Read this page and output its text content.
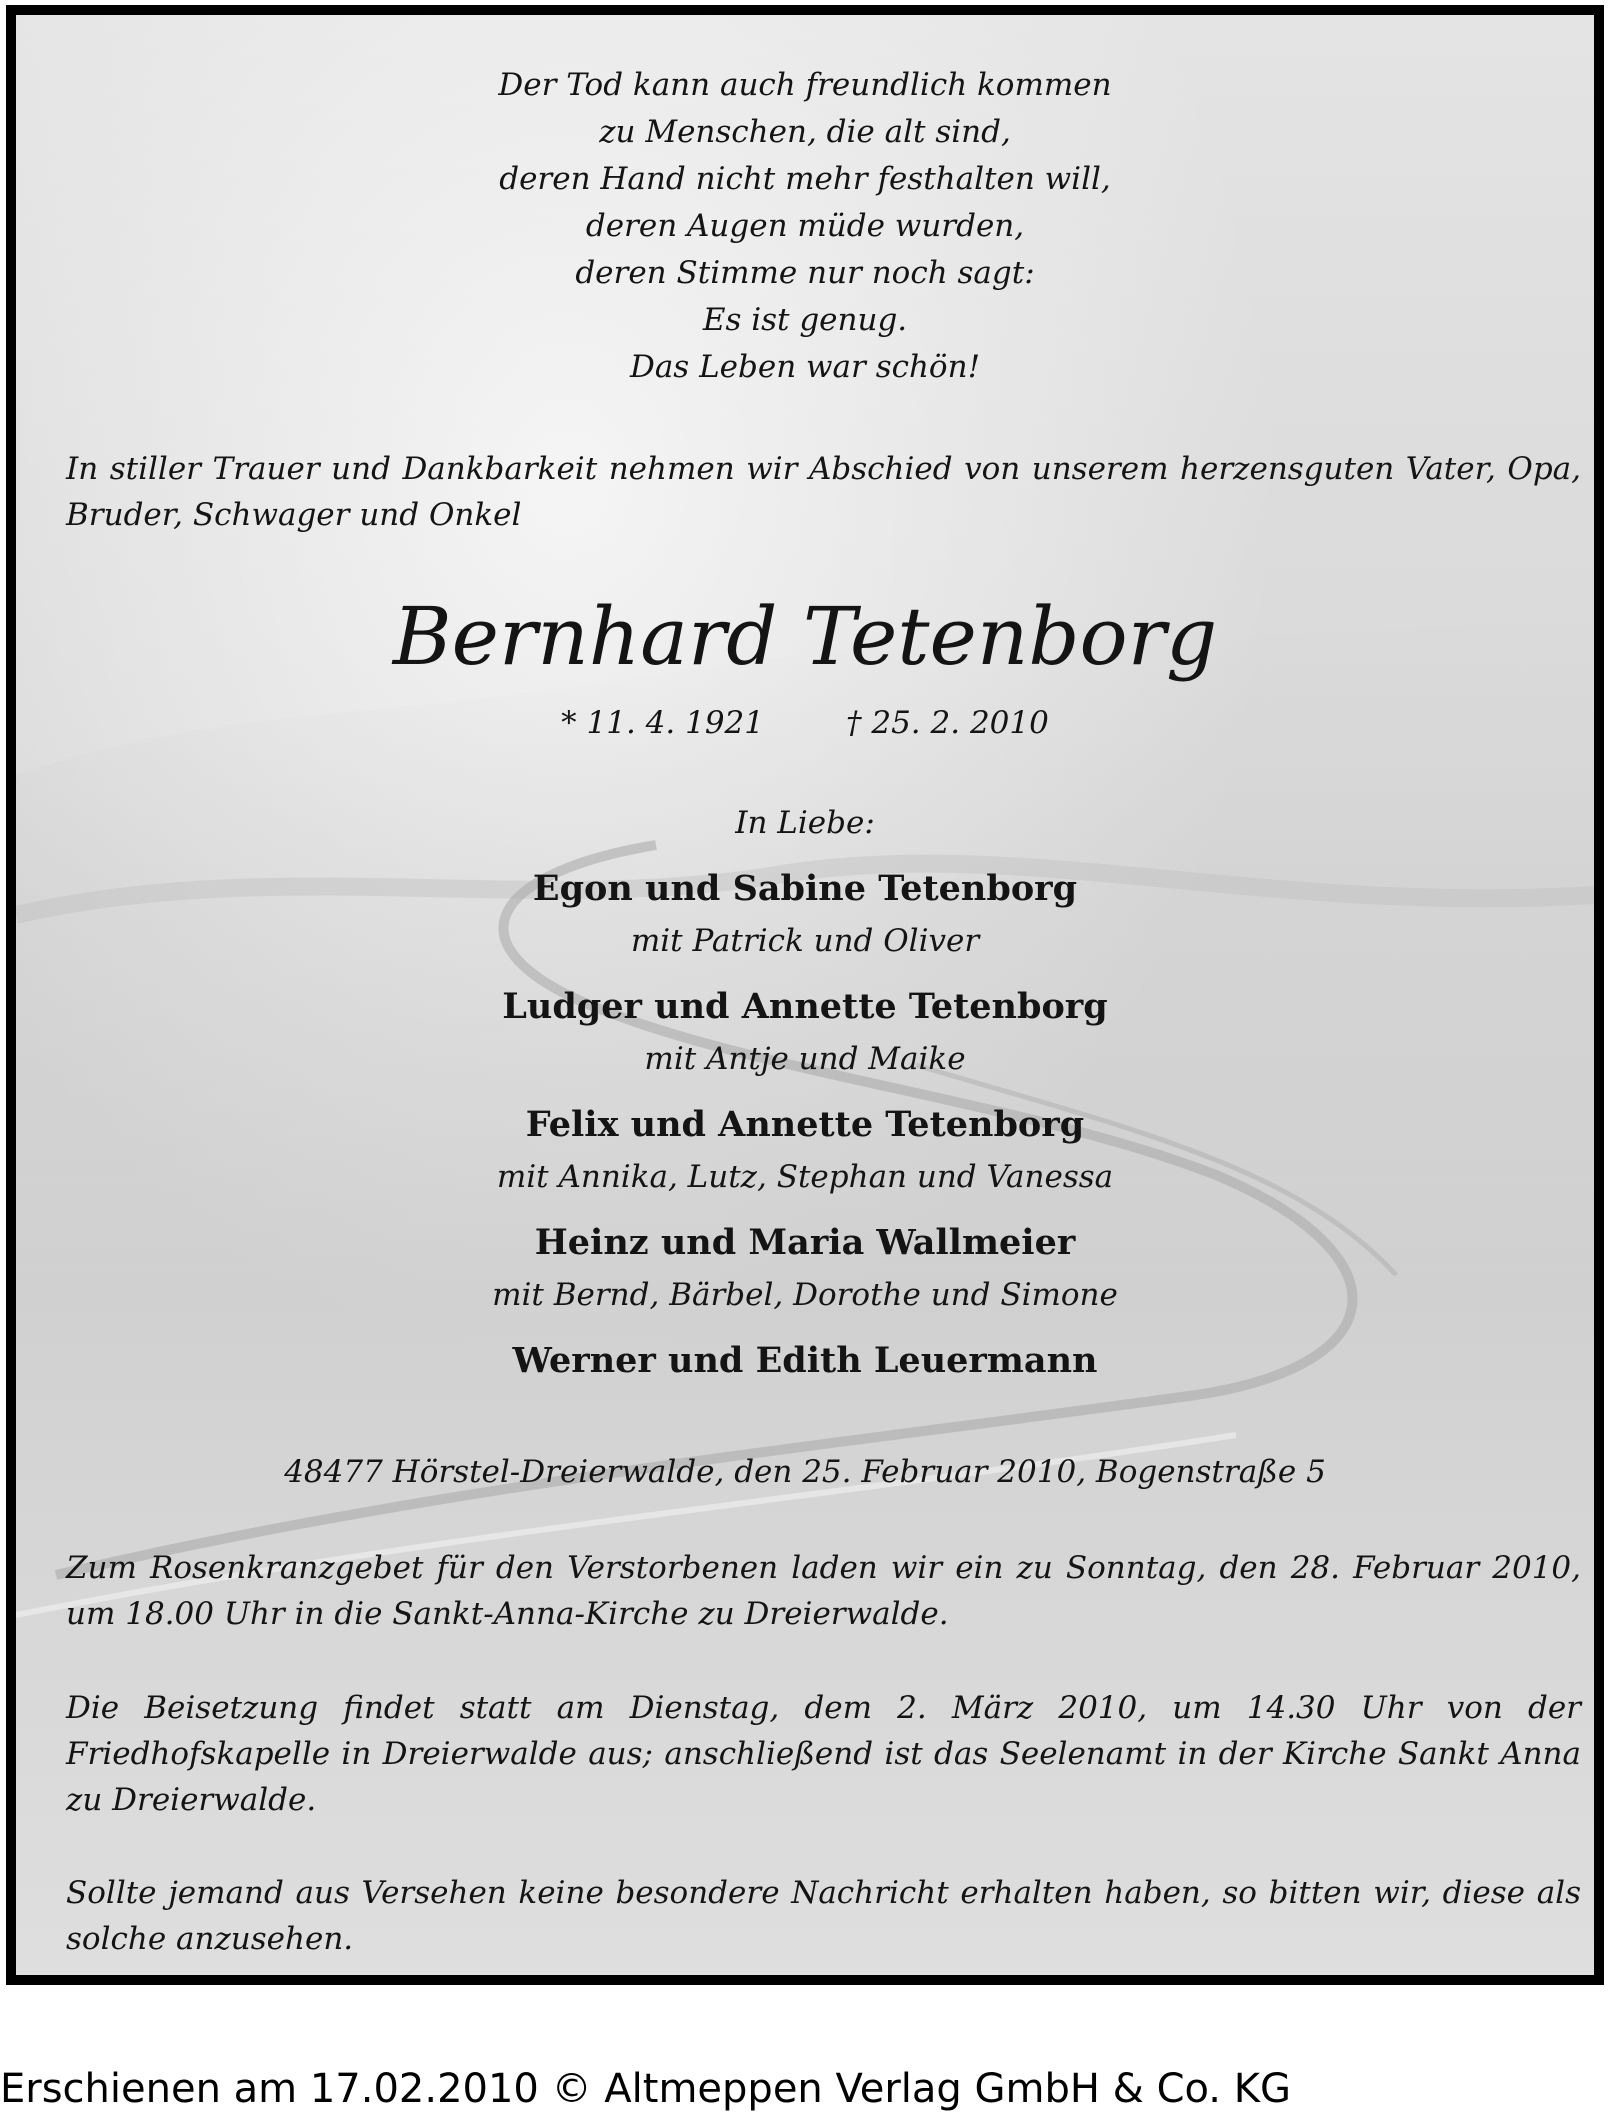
Der Tod kann auch freundlich kommen
zu Menschen, die alt sind,
deren Hand nicht mehr festhalten will,
deren Augen müde wurden,
deren Stimme nur noch sagt:
Es ist genug.
Das Leben war schön!
In stiller Trauer und Dankbarkeit nehmen wir Abschied von unserem herzensguten Vater, Opa, Bruder, Schwager und Onkel
Bernhard Tetenborg
* 11. 4. 1921	† 25. 2. 2010
In Liebe:
Egon und Sabine Tetenborg
mit Patrick und Oliver
Ludger und Annette Tetenborg
mit Antje und Maike
Felix und Annette Tetenborg
mit Annika, Lutz, Stephan und Vanessa
Heinz und Maria Wallmeier
mit Bernd, Bärbel, Dorothe und Simone
Werner und Edith Leuermann
48477 Hörstel-Dreierwalde, den 25. Februar 2010, Bogenstraße 5
Zum Rosenkranzgebet für den Verstorbenen laden wir ein zu Sonntag, den 28. Februar 2010, um 18.00 Uhr in die Sankt-Anna-Kirche zu Dreierwalde.
Die Beisetzung findet statt am Dienstag, dem 2. März 2010, um 14.30 Uhr von der Friedhofskapelle in Dreierwalde aus; anschließend ist das Seelenamt in der Kirche Sankt Anna zu Dreierwalde.
Sollte jemand aus Versehen keine besondere Nachricht erhalten haben, so bitten wir, diese als solche anzusehen.
Erschienen am 17.02.2010 © Altmeppen Verlag GmbH & Co. KG
